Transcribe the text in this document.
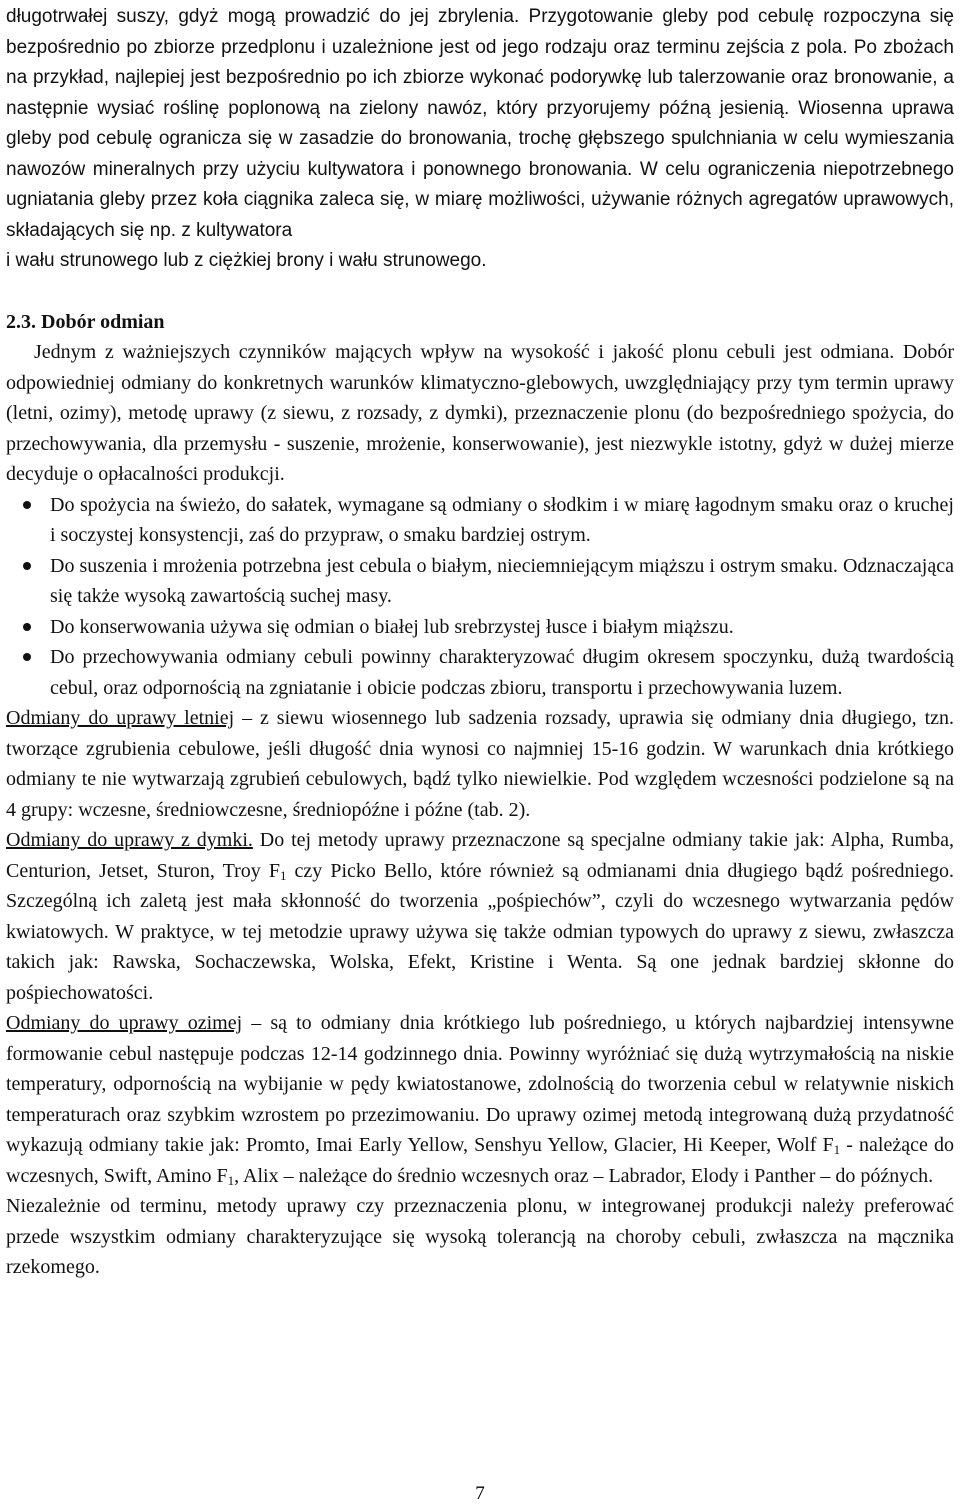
długotrwałej suszy, gdyż mogą prowadzić do jej zbrylenia. Przygotowanie gleby pod cebulę rozpoczyna się bezpośrednio po zbiorze przedplonu i uzależnione jest od jego rodzaju oraz terminu zejścia z pola. Po zbożach na przykład, najlepiej jest bezpośrednio po ich zbiorze wykonać podorywkę lub talerzowanie oraz bronowanie, a następnie wysiać roślinę poplonową na zielony nawóz, który przyorujemy późną jesienią. Wiosenna uprawa gleby pod cebulę ogranicza się w zasadzie do bronowania, trochę głębszego spulchniania w celu wymieszania nawozów mineralnych przy użyciu kultywatora i ponownego bronowania. W celu ograniczenia niepotrzebnego ugniatania gleby przez koła ciągnika zaleca się, w miarę możliwości, używanie różnych agregatów uprawowych, składających się np. z kultywatora

i wału strunowego lub z ciężkiej brony i wału strunowego.

2.3. Dobór odmian

Jednym z ważniejszych czynników mających wpływ na wysokość i jakość plonu cebuli jest odmiana. Dobór odpowiedniej odmiany do konkretnych warunków klimatyczno-glebowych, uwzględniający przy tym termin uprawy (letni, ozimy), metodę uprawy (z siewu, z rozsady, z dymki), przeznaczenie plonu (do bezpośredniego spożycia, do przechowywania, dla przemysłu - suszenie, mrożenie, konserwowanie), jest niezwykle istotny, gdyż w dużej mierze decyduje o opłacalności produkcji.

Do spożycia na świeżo, do sałatek, wymagane są odmiany o słodkim i w miarę łagodnym smaku oraz o kruchej i soczystej konsystencji, zaś do przypraw, o smaku bardziej ostrym.

Do suszenia i mrożenia potrzebna jest cebula o białym, nieciemniejącym miąższu i ostrym smaku. Odznaczająca się także wysoką zawartością suchej masy.

Do konserwowania używa się odmian o białej lub srebrzystej łusce i białym miąższu.

Do przechowywania odmiany cebuli powinny charakteryzować długim okresem spoczynku, dużą twardością cebul, oraz odpornością na zgniatanie i obicie podczas zbioru, transportu i przechowywania luzem.

Odmiany do uprawy letniej – z siewu wiosennego lub sadzenia rozsady, uprawia się odmiany dnia długiego, tzn. tworzące zgrubienia cebulowe, jeśli długość dnia wynosi co najmniej 15-16 godzin. W warunkach dnia krótkiego odmiany te nie wytwarzają zgrubień cebulowych, bądź tylko niewielkie. Pod względem wczesności podzielone są na 4 grupy: wczesne, średniowczesne, średniopóźne i późne (tab. 2).

Odmiany do uprawy z dymki. Do tej metody uprawy przeznaczone są specjalne odmiany takie jak: Alpha, Rumba, Centurion, Jetset, Sturon, Troy $F_1$ czy Picko Bello, które również są odmianami dnia długiego bądź pośredniego. Szczególną ich zaletą jest mała skłonność do tworzenia „pośpiechów”, czyli do wczesnego wytwarzania pędów kwiatowych. W praktyce, w tej metodzie uprawy używa się także odmian typowych do uprawy z siewu, zwłaszcza takich jak: Rawska, Sochaczewska, Wolska, Efekt, Kristine i Wenta. Są one jednak bardziej skłonne do pośpiechowatości.

Odmiany do uprawy ozimej – są to odmiany dnia krótkiego lub pośredniego, u których najbardziej intensywne formowanie cebul następuje podczas 12-14 godzinnego dnia. Powinny wyróżniać się dużą wytrzymałością na niskie temperatury, odpornością na wybijanie w pędy kwiatostanowe, zdolnością do tworzenia cebul w relatywnie niskich temperaturach oraz szybkim wzrostem po przezimowaniu. Do uprawy ozimej metodą integrowaną dużą przydatność wykazują odmiany takie jak: Promto, Imai Early Yellow, Senshyu Yellow, Glacier, Hi Keeper, Wolf $F_1$ - należące do wczesnych, Swift, Amino $F_1$, Alix – należące do średnio wczesnych oraz – Labrador, Elody i Panther – do późnych.

Niezależnie od terminu, metody uprawy czy przeznaczenia plonu, w integrowanej produkcji należy preferować przede wszystkim odmiany charakteryzujące się wysoką tolerancją na choroby cebuli, zwłaszcza na mącznika rzekomego.

7
